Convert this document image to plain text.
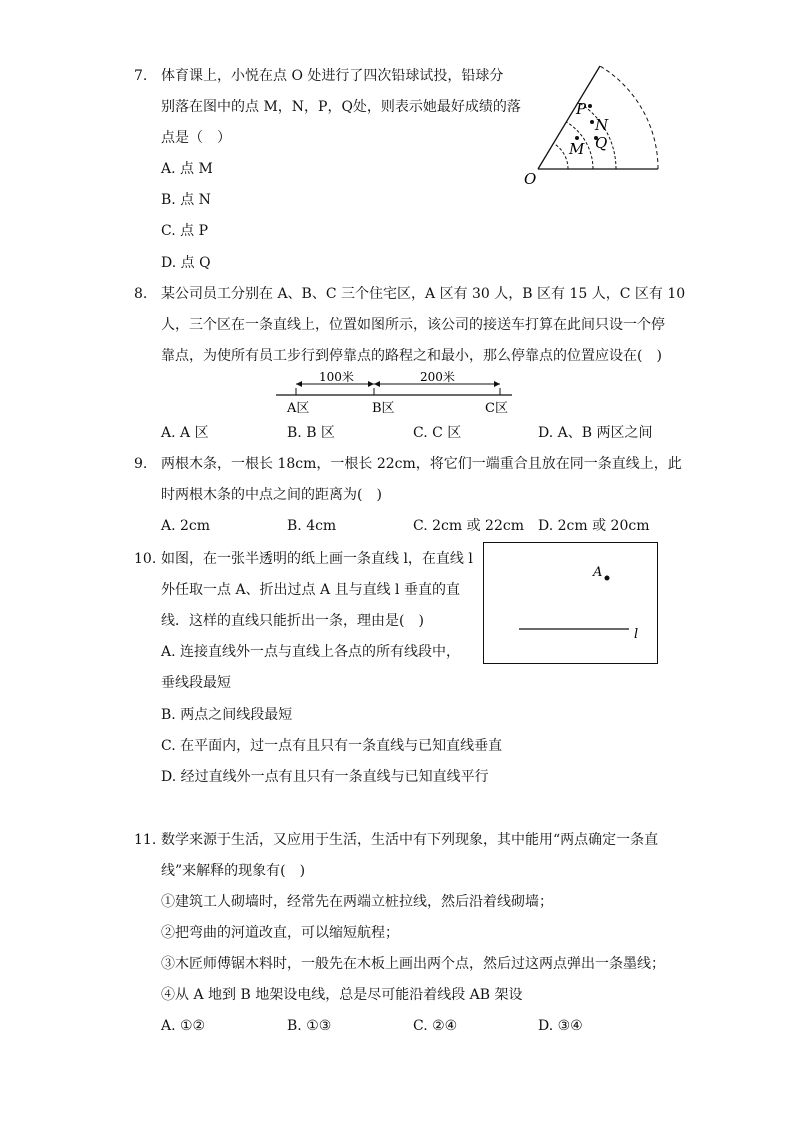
7. 体育课上，小悦在点 O 处进行了四次铅球试投，铅球分
别落在图中的点 M，N，P，Q处，则表示她最好成绩的落
点是（　）
A. 点 M
B. 点 N
C. 点 P
D. 点 Q
P
N
Q
M
O
8. 某公司员工分别在 A、B、C 三个住宅区，A 区有 30 人，B 区有 15 人，C 区有 10
人，三个区在一条直线上，位置如图所示，该公司的接送车打算在此间只设一个停
靠点，为使所有员工步行到停靠点的路程之和最小，那么停靠点的位置应设在(　)
100米	200米
A区	B区	C区
A. A 区	B. B 区	C. C 区	D. A、B 两区之间
9. 两根木条，一根长 18cm，一根长 22cm，将它们一端重合且放在同一条直线上，此
时两根木条的中点之间的距离为(　)
A. 2cm	B. 4cm	C. 2cm 或 22cm D. 2cm 或 20cm
10. 如图，在一张半透明的纸上画一条直线 l，在直线 l
外任取一点 A、折出过点 A 且与直线 l 垂直的直
线．这样的直线只能折出一条，理由是(　)
A. 连接直线外一点与直线上各点的所有线段中，
垂线段最短
B. 两点之间线段最短
C. 在平面内，过一点有且只有一条直线与已知直线垂直
D. 经过直线外一点有且只有一条直线与已知直线平行
A
l
11. 数学来源于生活，又应用于生活，生活中有下列现象，其中能用“两点确定一条直
线”来解释的现象有(　)
①建筑工人砌墙时，经常先在两端立桩拉线，然后沿着线砌墙；
②把弯曲的河道改直，可以缩短航程；
③木匠师傅锯木料时，一般先在木板上画出两个点，然后过这两点弹出一条墨线；
④从 A 地到 B 地架设电线，总是尽可能沿着线段 AB 架设
A. ①②	B. ①③	C. ②④	D. ③④
